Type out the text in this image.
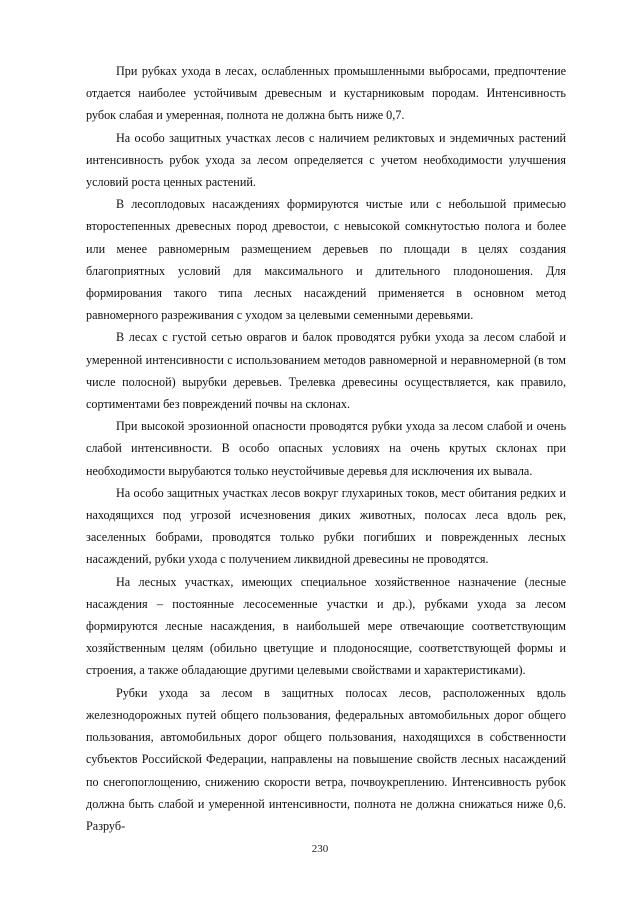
При рубках ухода в лесах, ослабленных промышленными выбросами, предпочтение отдается наиболее устойчивым древесным и кустарниковым породам. Интенсивность рубок слабая и умеренная, полнота не должна быть ниже 0,7.

На особо защитных участках лесов с наличием реликтовых и эндемичных растений интенсивность рубок ухода за лесом определяется с учетом необходимости улучшения условий роста ценных растений.

В лесоплодовых насаждениях формируются чистые или с небольшой примесью второстепенных древесных пород древостои, с невысокой сомкнутостью полога и более или менее равномерным размещением деревьев по площади в целях создания благоприятных условий для максимального и длительного плодоношения. Для формирования такого типа лесных насаждений применяется в основном метод равномерного разреживания с уходом за целевыми семенными деревьями.

В лесах с густой сетью оврагов и балок проводятся рубки ухода за лесом слабой и умеренной интенсивности с использованием методов равномерной и неравномерной (в том числе полосной) вырубки деревьев. Трелевка древесины осуществляется, как правило, сортиментами без повреждений почвы на склонах.

При высокой эрозионной опасности проводятся рубки ухода за лесом слабой и очень слабой интенсивности. В особо опасных условиях на очень крутых склонах при необходимости вырубаются только неустойчивые деревья для исключения их вывала.

На особо защитных участках лесов вокруг глухариных токов, мест обитания редких и находящихся под угрозой исчезновения диких животных, полосах леса вдоль рек, заселенных бобрами, проводятся только рубки погибших и поврежденных лесных насаждений, рубки ухода с получением ликвидной древесины не проводятся.

На лесных участках, имеющих специальное хозяйственное назначение (лесные насаждения – постоянные лесосеменные участки и др.), рубками ухода за лесом формируются лесные насаждения, в наибольшей мере отвечающие соответствующим хозяйственным целям (обильно цветущие и плодоносящие, соответствующей формы и строения, а также обладающие другими целевыми свойствами и характеристиками).

Рубки ухода за лесом в защитных полосах лесов, расположенных вдоль железнодорожных путей общего пользования, федеральных автомобильных дорог общего пользования, автомобильных дорог общего пользования, находящихся в собственности субъектов Российской Федерации, направлены на повышение свойств лесных насаждений по снегопоглощению, снижению скорости ветра, почвоукреплению. Интенсивность рубок должна быть слабой и умеренной интенсивности, полнота не должна снижаться ниже 0,6. Разруб-

230
